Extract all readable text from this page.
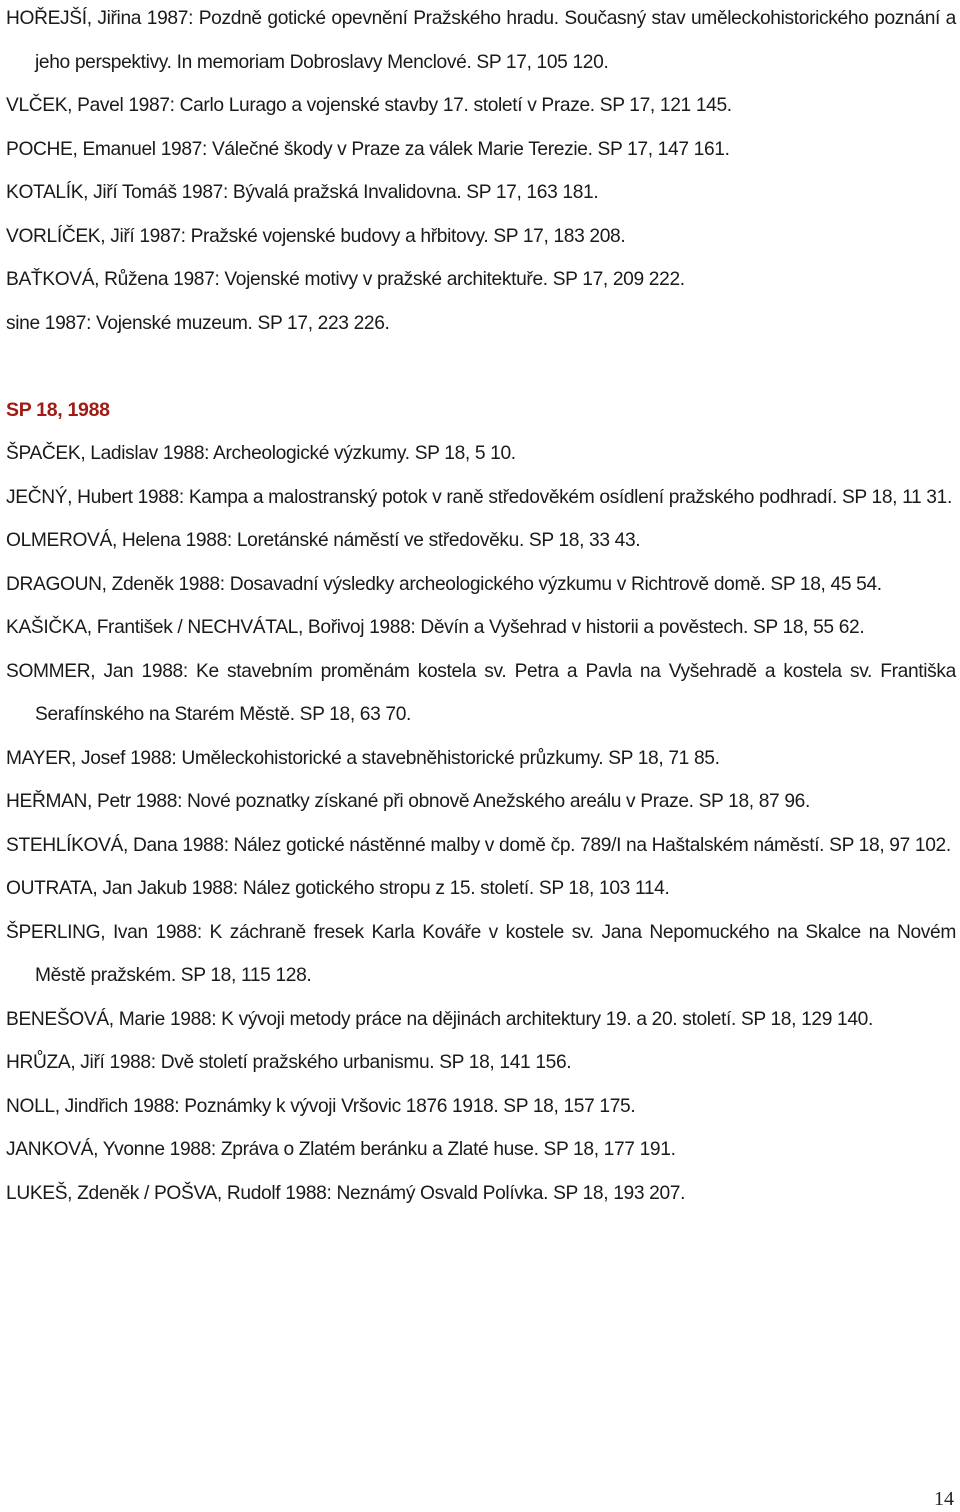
HOŘEJŠÍ, Jiřina 1987: Pozdně gotické opevnění Pražského hradu. Současný stav uměleckohistorického poznání a jeho perspektivy. In memoriam Dobroslavy Menclové. SP 17, 105 120.
VLČEK, Pavel 1987: Carlo Lurago a vojenské stavby 17. století v Praze. SP 17, 121 145.
POCHE, Emanuel 1987: Válečné škody v Praze za válek Marie Terezie. SP 17, 147 161.
KOTALÍK, Jiří Tomáš 1987: Bývalá pražská Invalidovna. SP 17, 163 181.
VORLÍČEK, Jiří 1987: Pražské vojenské budovy a hřbitovy. SP 17, 183 208.
BAŤKOVÁ, Růžena 1987: Vojenské motivy v pražské architektuře. SP 17, 209 222.
sine 1987: Vojenské muzeum. SP 17, 223 226.
SP 18, 1988
ŠPAČEK, Ladislav 1988: Archeologické výzkumy. SP 18, 5 10.
JEČNÝ, Hubert 1988: Kampa a malostranský potok v raně středověkém osídlení pražského podhradí. SP 18, 11 31.
OLMEROVÁ, Helena 1988: Loretánské náměstí ve středověku. SP 18, 33 43.
DRAGOUN, Zdeněk 1988: Dosavadní výsledky archeologického výzkumu v Richtrově domě. SP 18, 45 54.
KAŠIČKA, František / NECHVÁTAL, Bořivoj 1988: Děvín a Vyšehrad v historii a pověstech. SP 18, 55 62.
SOMMER, Jan 1988: Ke stavebním proměnám kostela sv. Petra a Pavla na Vyšehradě a kostela sv. Františka Serafínského na Starém Městě. SP 18, 63 70.
MAYER, Josef 1988: Uměleckohistorické a stavebněhistorické průzkumy. SP 18, 71 85.
HEŘMAN, Petr 1988: Nové poznatky získané při obnově Anežského areálu v Praze. SP 18, 87 96.
STEHLÍKOVÁ, Dana 1988: Nález gotické nástěnné malby v domě čp. 789/I na Haštalském náměstí. SP 18, 97 102.
OUTRATA, Jan Jakub 1988: Nález gotického stropu z 15. století. SP 18, 103 114.
ŠPERLING, Ivan 1988: K záchraně fresek Karla Kováře v kostele sv. Jana Nepomuckého na Skalce na Novém Městě pražském. SP 18, 115 128.
BENEŠOVÁ, Marie 1988: K vývoji metody práce na dějinách architektury 19. a 20. století. SP 18, 129 140.
HRŮZA, Jiří 1988: Dvě století pražského urbanismu. SP 18, 141 156.
NOLL, Jindřich 1988: Poznámky k vývoji Vršovic 1876 1918. SP 18, 157 175.
JANKOVÁ, Yvonne 1988: Zpráva o Zlatém beránku a Zlaté huse. SP 18, 177 191.
LUKEŠ, Zdeněk / POŠVA, Rudolf 1988: Neznámý Osvald Polívka. SP 18, 193 207.
14
